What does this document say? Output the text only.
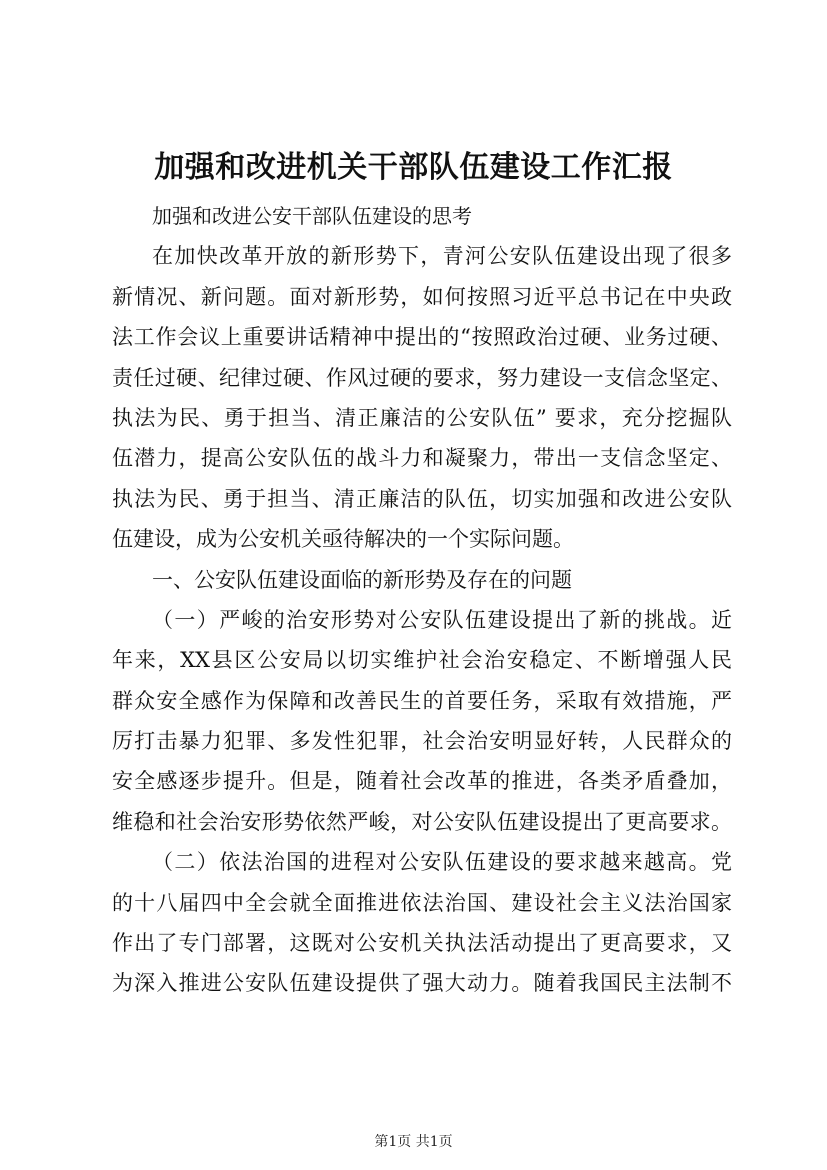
加强和改进机关干部队伍建设工作汇报
加强和改进公安干部队伍建设的思考
在加快改革开放的新形势下，青河公安队伍建设出现了很多
新情况、新问题。面对新形势，如何按照习近平总书记在中央政
法工作会议上重要讲话精神中提出的“按照政治过硬、业务过硬、
责任过硬、纪律过硬、作风过硬的要求，努力建设一支信念坚定、
执法为民、勇于担当、清正廉洁的公安队伍” 要求，充分挖掘队
伍潜力，提高公安队伍的战斗力和凝聚力，带出一支信念坚定、
执法为民、勇于担当、清正廉洁的队伍，切实加强和改进公安队
伍建设，成为公安机关亟待解决的一个实际问题。
一、公安队伍建设面临的新形势及存在的问题
（一）严峻的治安形势对公安队伍建设提出了新的挑战。近
年来，XX县区公安局以切实维护社会治安稳定、不断增强人民
群众安全感作为保障和改善民生的首要任务，采取有效措施，严
厉打击暴力犯罪、多发性犯罪，社会治安明显好转，人民群众的
安全感逐步提升。但是，随着社会改革的推进，各类矛盾叠加，
维稳和社会治安形势依然严峻，对公安队伍建设提出了更高要求。
（二）依法治国的进程对公安队伍建设的要求越来越高。党
的十八届四中全会就全面推进依法治国、建设社会主义法治国家
作出了专门部署，这既对公安机关执法活动提出了更高要求，又
为深入推进公安队伍建设提供了强大动力。随着我国民主法制不
第1页 共1页
